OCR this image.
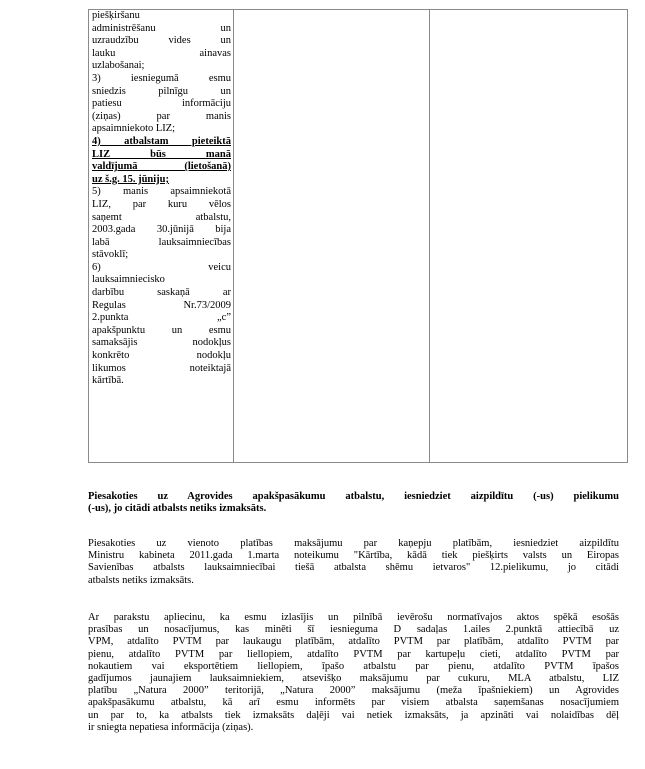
piešķiršanu
administrēšanu un
uzraudzību vides un
lauku ainavas
uzlabošanai;
3) iesniegumā esmu
sniedzis pilnīgu un
patiesu informāciju
(ziņas) par manis
apsaimniekoto LIZ;
4) atbalstam pieteiktā
LIZ būs manā
valdījumā (lietošanā)
uz š.g. 15. jūniju;
5) manis apsaimniekotā
LIZ, par kuru vēlos
saņemt atbalstu,
2003.gada 30.jūnijā bija
labā lauksaimniecības
stāvoklī;
6) veicu
lauksaimniecisko
darbību saskaņā ar
Regulas Nr.73/2009
2.punkta „c”
apakšpunktu un esmu
samaksājis nodokļus
konkrēto nodokļu
likumos noteiktajā
kārtībā.

Piesakoties uz Agrovides apakšpasākumu atbalstu, iesniedziet aizpildītu (-us) pielikumu
(-us), jo citādi atbalsts netiks izmaksāts.
Piesakoties uz vienoto platības maksājumu par kaņepju platībām, iesniedziet aizpildītu
Ministru kabineta 2011.gada 1.marta noteikumu "Kārtība, kādā tiek piešķirts valsts un Eiropas
Savienības atbalsts lauksaimniecībai tiešā atbalsta shēmu ietvaros" 12.pielikumu, jo citādi
atbalsts netiks izmaksāts.
Ar parakstu apliecinu, ka esmu izlasījis un pilnībā ievērošu normatīvajos aktos spēkā esošās
prasības un nosacījumus, kas minēti šī iesnieguma D sadaļas 1.ailes 2.punktā attiecībā uz
VPM, atdalīto PVTM par laukaugu platībām, atdalīto PVTM par platībām, atdalīto PVTM par
pienu, atdalīto PVTM par liellopiem, atdalīto PVTM par kartupeļu cieti, atdalīto PVTM par
nokautiem vai eksportētiem liellopiem, īpašo atbalstu par pienu, atdalīto PVTM īpašos
gadījumos jaunajiem lauksaimniekiem, atsevišķo maksājumu par cukuru, MLA atbalstu, LIZ
platību „Natura 2000” teritorijā, „Natura 2000” maksājumu (meža īpašniekiem) un Agrovides
apakšpasākumu atbalstu, kā arī esmu informēts par visiem atbalsta saņemšanas nosacījumiem
un par to, ka atbalsts tiek izmaksāts daļēji vai netiek izmaksāts, ja apzināti vai nolaidības dēļ
ir sniegta nepatiesa informācija (ziņas).
